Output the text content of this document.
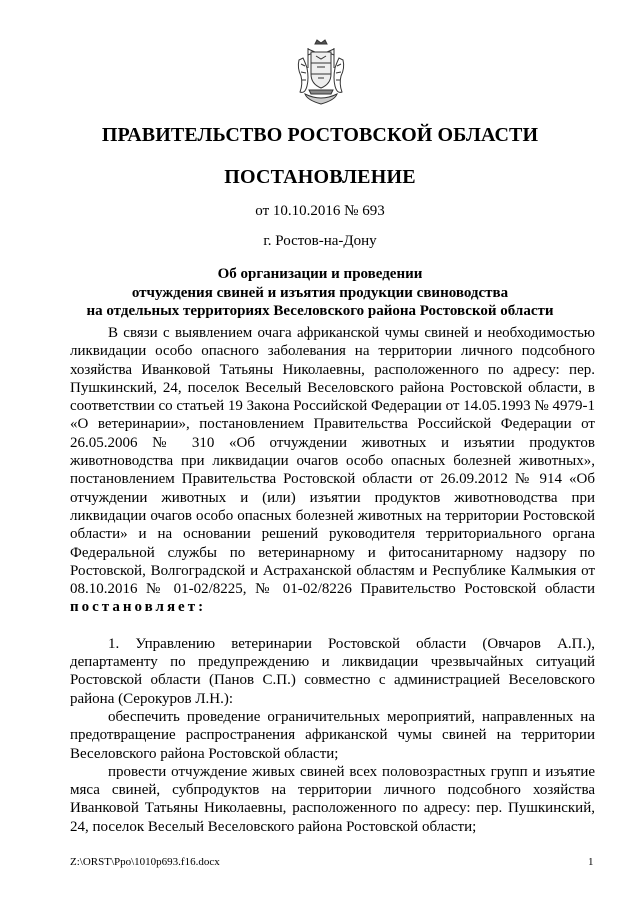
ПРАВИТЕЛЬСТВО РОСТОВСКОЙ ОБЛАСТИ
ПОСТАНОВЛЕНИЕ
от 10.10.2016 № 693
г. Ростов-на-Дону
Об организации и проведении
отчуждения свиней и изъятия продукции свиноводства
на отдельных территориях Веселовского района Ростовской области

В связи с выявлением очага африканской чумы свиней и необходимостью ликвидации особо опасного заболевания на территории личного подсобного хозяйства Иванковой Татьяны Николаевны, расположенного по адресу: пер. Пушкинский, 24, поселок Веселый Веселовского района Ростовской области, в соответствии со статьей 19 Закона Российской Федерации от 14.05.1993 № 4979-1 «О ветеринарии», постановлением Правительства Российской Федерации от 26.05.2006 № 310 «Об отчуждении животных и изъятии продуктов животноводства при ликвидации очагов особо опасных болезней животных», постановлением Правительства Ростовской области от 26.09.2012 № 914 «Об отчуждении животных и (или) изъятии продуктов животноводства при ликвидации очагов особо опасных болезней животных на территории Ростовской области» и на основании решений руководителя территориального органа Федеральной службы по ветеринарному и фитосанитарному надзору по Ростовской, Волгоградской и Астраханской областям и Республике Калмыкия от 08.10.2016 № 01-02/8225, № 01-02/8226 Правительство Ростовской области постановляет:

1. Управлению ветеринарии Ростовской области (Овчаров А.П.), департаменту по предупреждению и ликвидации чрезвычайных ситуаций Ростовской области (Панов С.П.) совместно с администрацией Веселовского района (Серокуров Л.Н.):

обеспечить проведение ограничительных мероприятий, направленных на предотвращение распространения африканской чумы свиней на территории Веселовского района Ростовской области;

провести отчуждение живых свиней всех половозрастных групп и изъятие мяса свиней, субпродуктов на территории личного подсобного хозяйства Иванковой Татьяны Николаевны, расположенного по адресу: пер. Пушкинский, 24, поселок Веселый Веселовского района Ростовской области;

Z:\ORST\Ppo\1010p693.f16.docx	1
